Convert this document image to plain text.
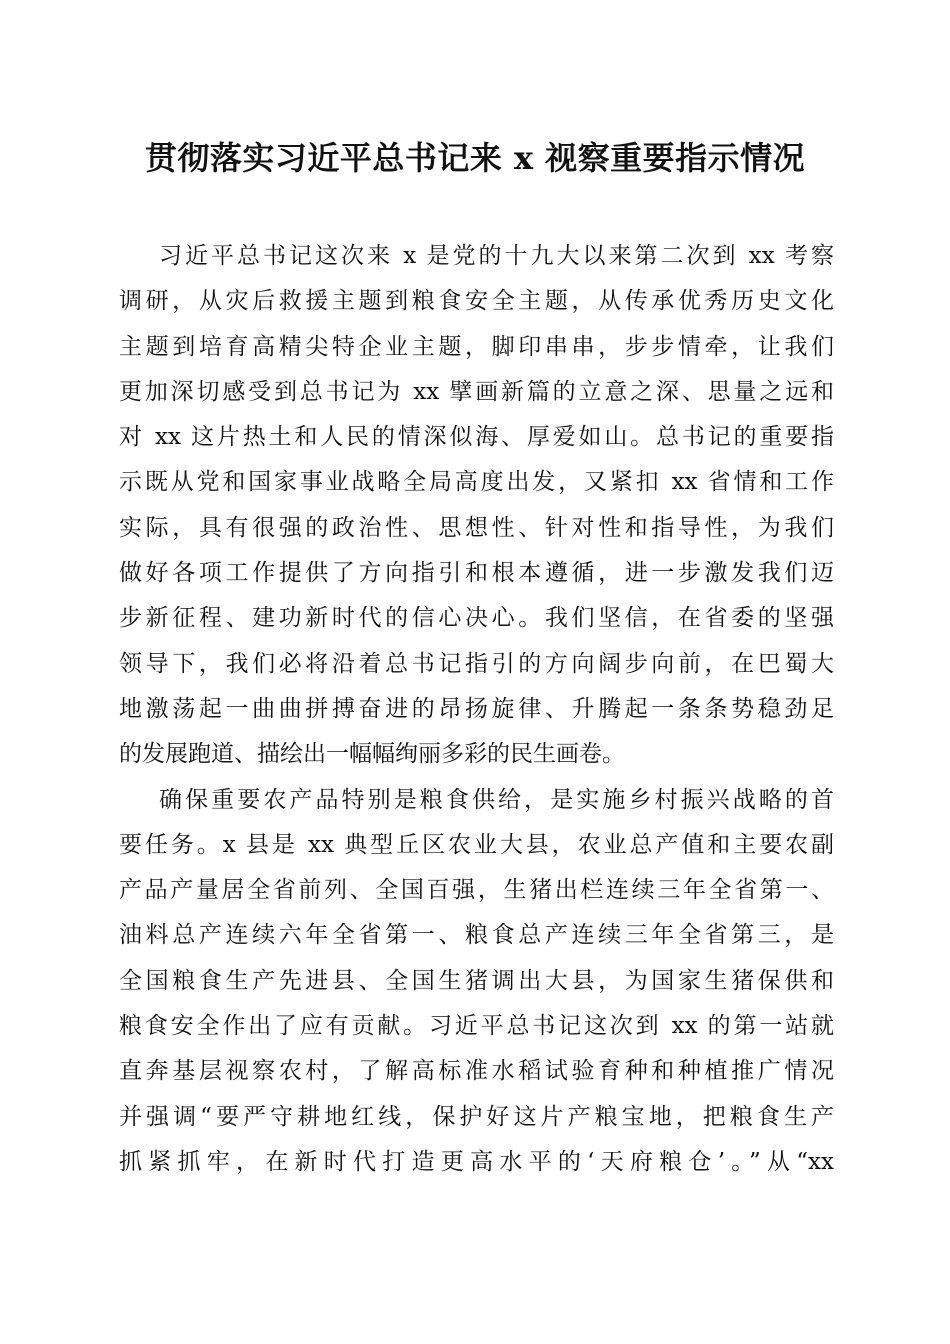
贯彻落实习近平总书记来 x 视察重要指示情况

习近平总书记这次来 x 是党的十九大以来第二次到 xx 考察
调研，从灾后救援主题到粮食安全主题，从传承优秀历史文化
主题到培育高精尖特企业主题，脚印串串，步步情牵，让我们
更加深切感受到总书记为 xx 擘画新篇的立意之深、思量之远和
对 xx 这片热土和人民的情深似海、厚爱如山。总书记的重要指
示既从党和国家事业战略全局高度出发，又紧扣 xx 省情和工作
实际，具有很强的政治性、思想性、针对性和指导性，为我们
做好各项工作提供了方向指引和根本遵循，进一步激发我们迈
步新征程、建功新时代的信心决心。我们坚信，在省委的坚强
领导下，我们必将沿着总书记指引的方向阔步向前，在巴蜀大
地激荡起一曲曲拼搏奋进的昂扬旋律、升腾起一条条势稳劲足
的发展跑道、描绘出一幅幅绚丽多彩的民生画卷。

确保重要农产品特别是粮食供给，是实施乡村振兴战略的首
要任务。x 县是 xx 典型丘区农业大县，农业总产值和主要农副
产品产量居全省前列、全国百强，生猪出栏连续三年全省第一、
油料总产连续六年全省第一、粮食总产连续三年全省第三，是
全国粮食生产先进县、全国生猪调出大县，为国家生猪保供和
粮食安全作出了应有贡献。习近平总书记这次到 xx 的第一站就
直奔基层视察农村，了解高标准水稻试验育种和种植推广情况
并强调“要严守耕地红线，保护好这片产粮宝地，把粮食生产
抓紧抓牢，在新时代打造更高水平的‘天府粮仓’。”从“xx
